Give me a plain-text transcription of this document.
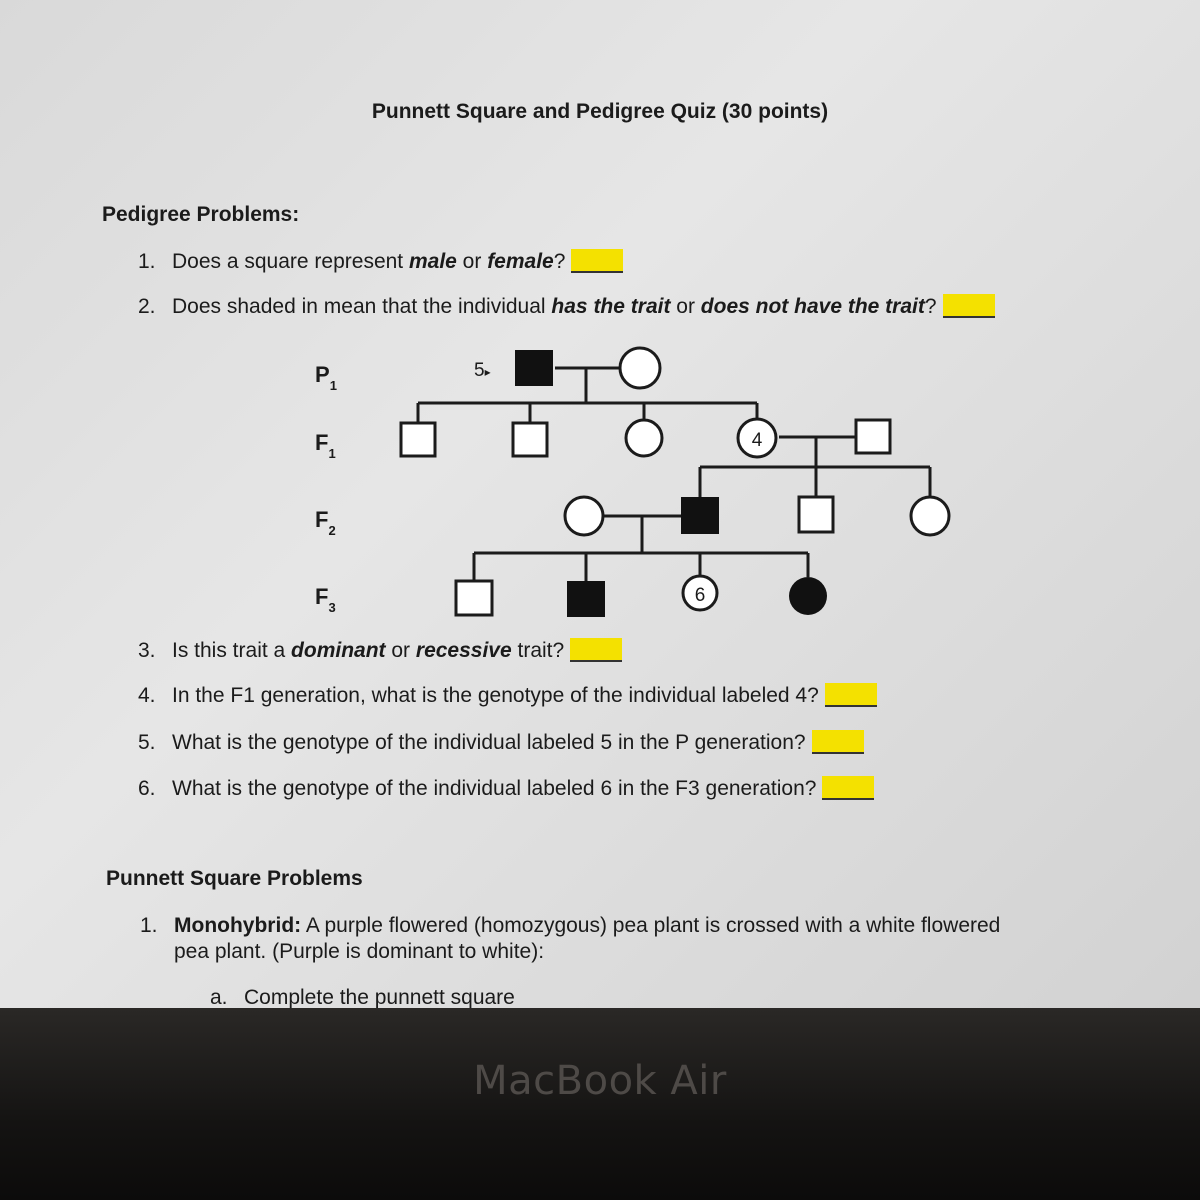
Punnett Square and Pedigree Quiz (30 points)
Pedigree Problems:
1. Does a square represent male or female?
2. Does shaded in mean that the individual has the trait or does not have the trait?
$P_1$
$F_1$
$F_2$
$F_3$
5▸
4
6
3. Is this trait a dominant or recessive trait?
4. In the F1 generation, what is the genotype of the individual labeled 4?
5. What is the genotype of the individual labeled 5 in the P generation?
6. What is the genotype of the individual labeled 6 in the F3 generation?
Punnett Square Problems
1. Monohybrid: A purple flowered (homozygous) pea plant is crossed with a white flowered
pea plant. (Purple is dominant to white):
a. Complete the punnett square
MacBook Air
